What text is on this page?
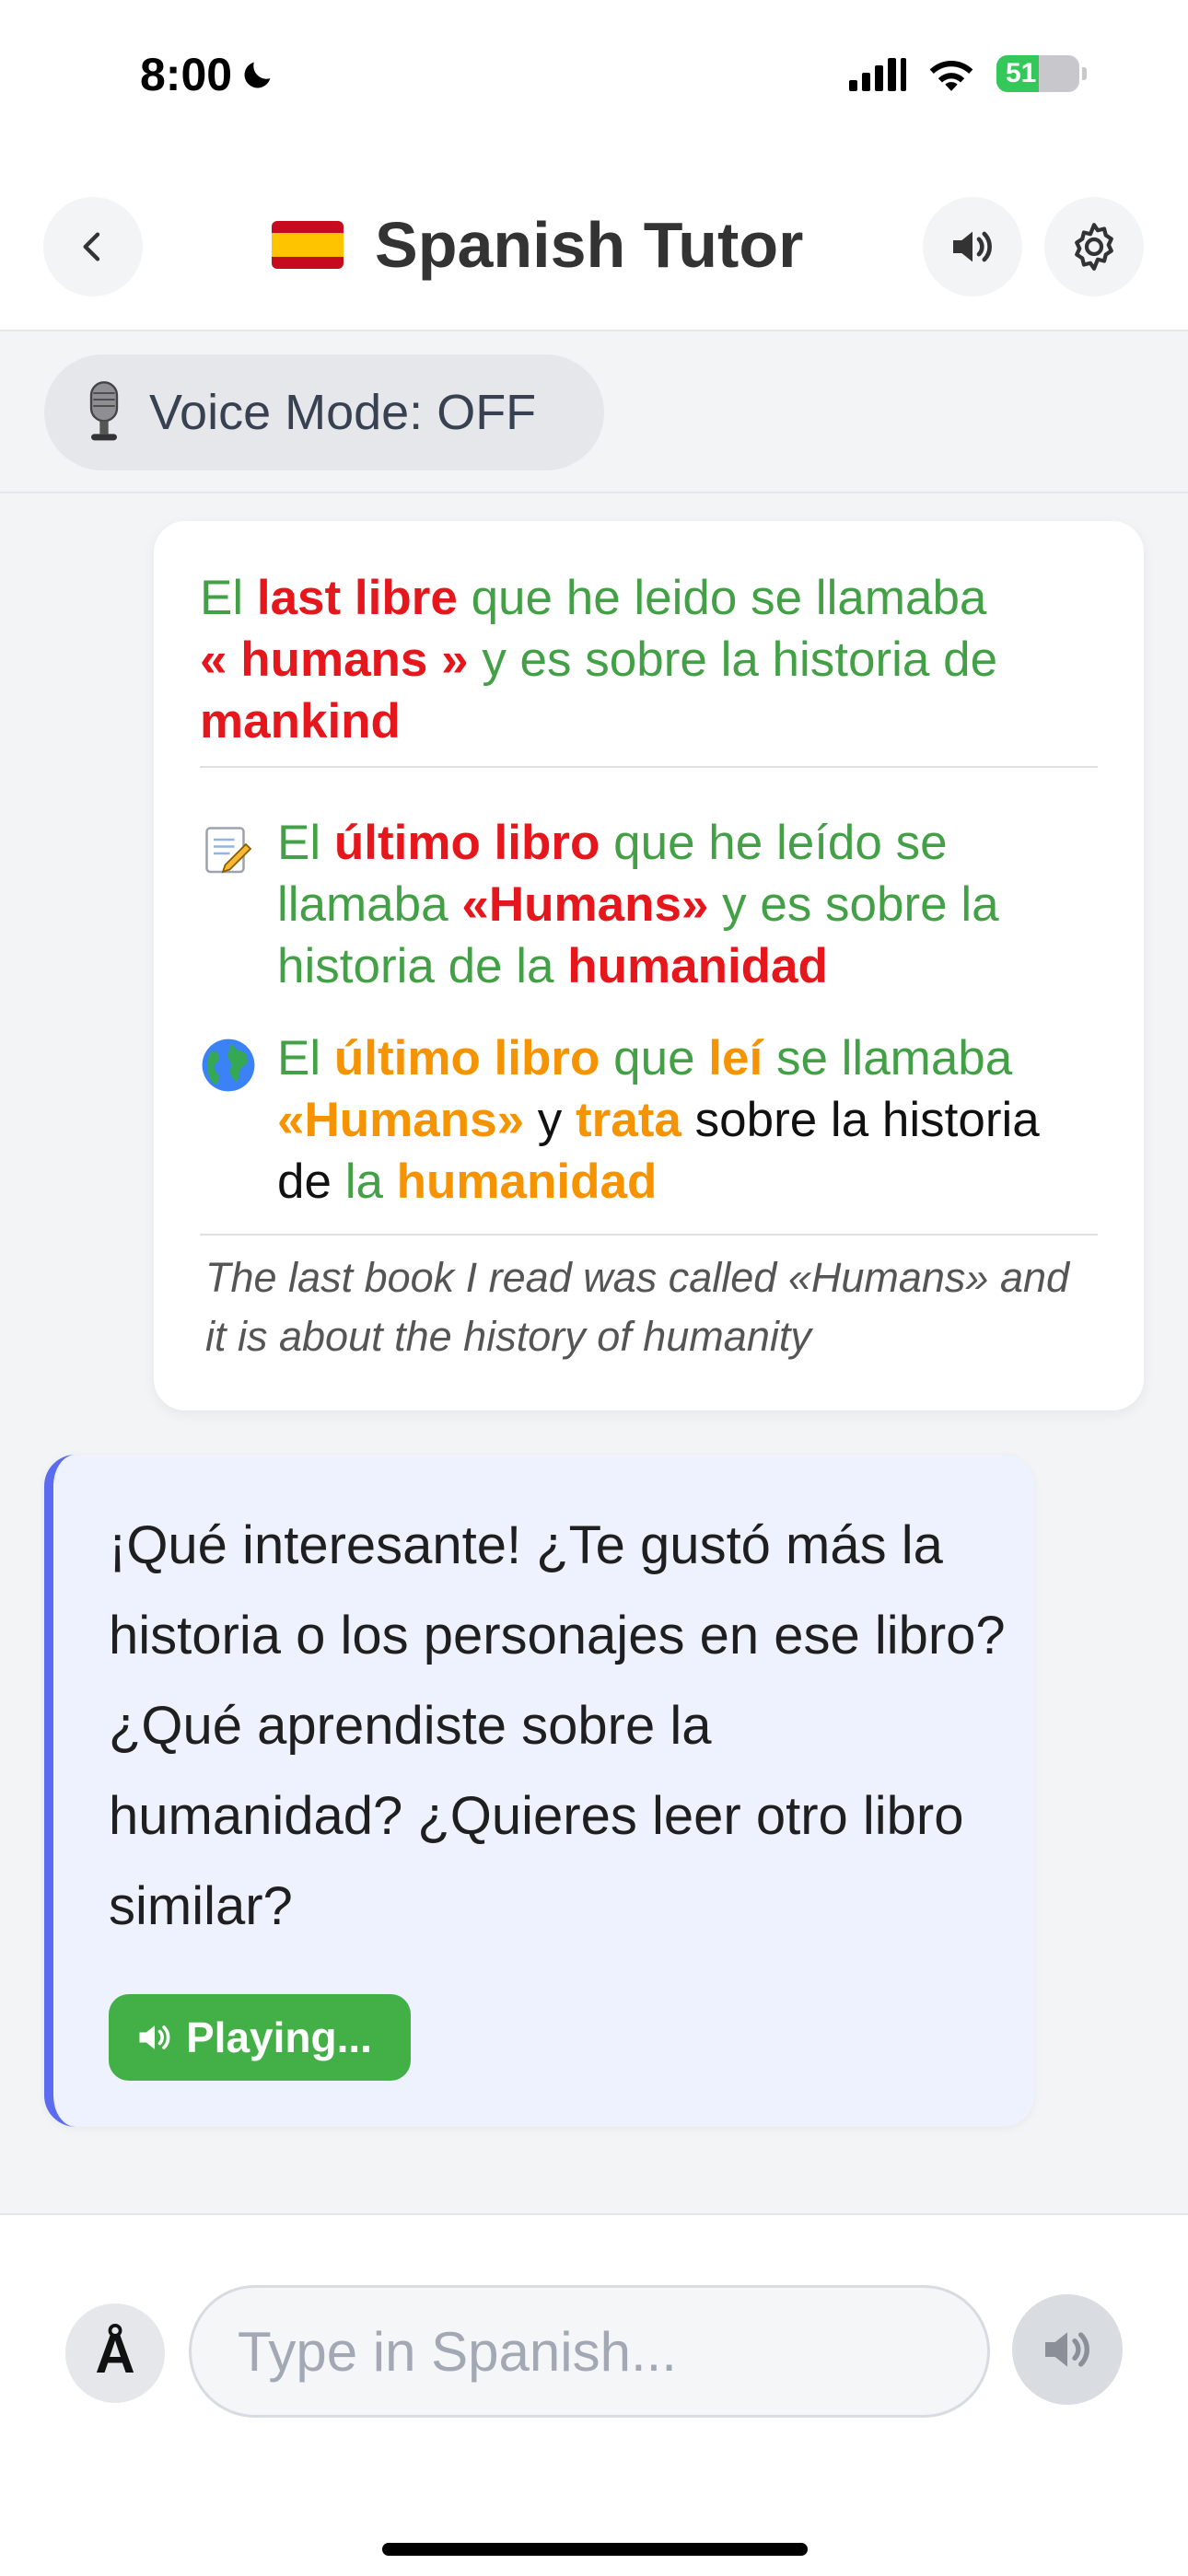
8:00	51
Spanish Tutor
Voice Mode: OFF
El last libre que he leido se llamaba
« humans » y es sobre la historia de
mankind
El último libro que he leído se llamaba «Humans» y es sobre la historia de la humanidad
El último libro que leí se llamaba
«Humans» y trata sobre la historia de la humanidad
The last book I read was called «Humans» and it is about the history of humanity
¡Qué interesante! ¿Te gustó más la historia o los personajes en ese libro? ¿Qué aprendiste sobre la humanidad? ¿Quieres leer otro libro similar?
Playing...
Å
Type in Spanish...
